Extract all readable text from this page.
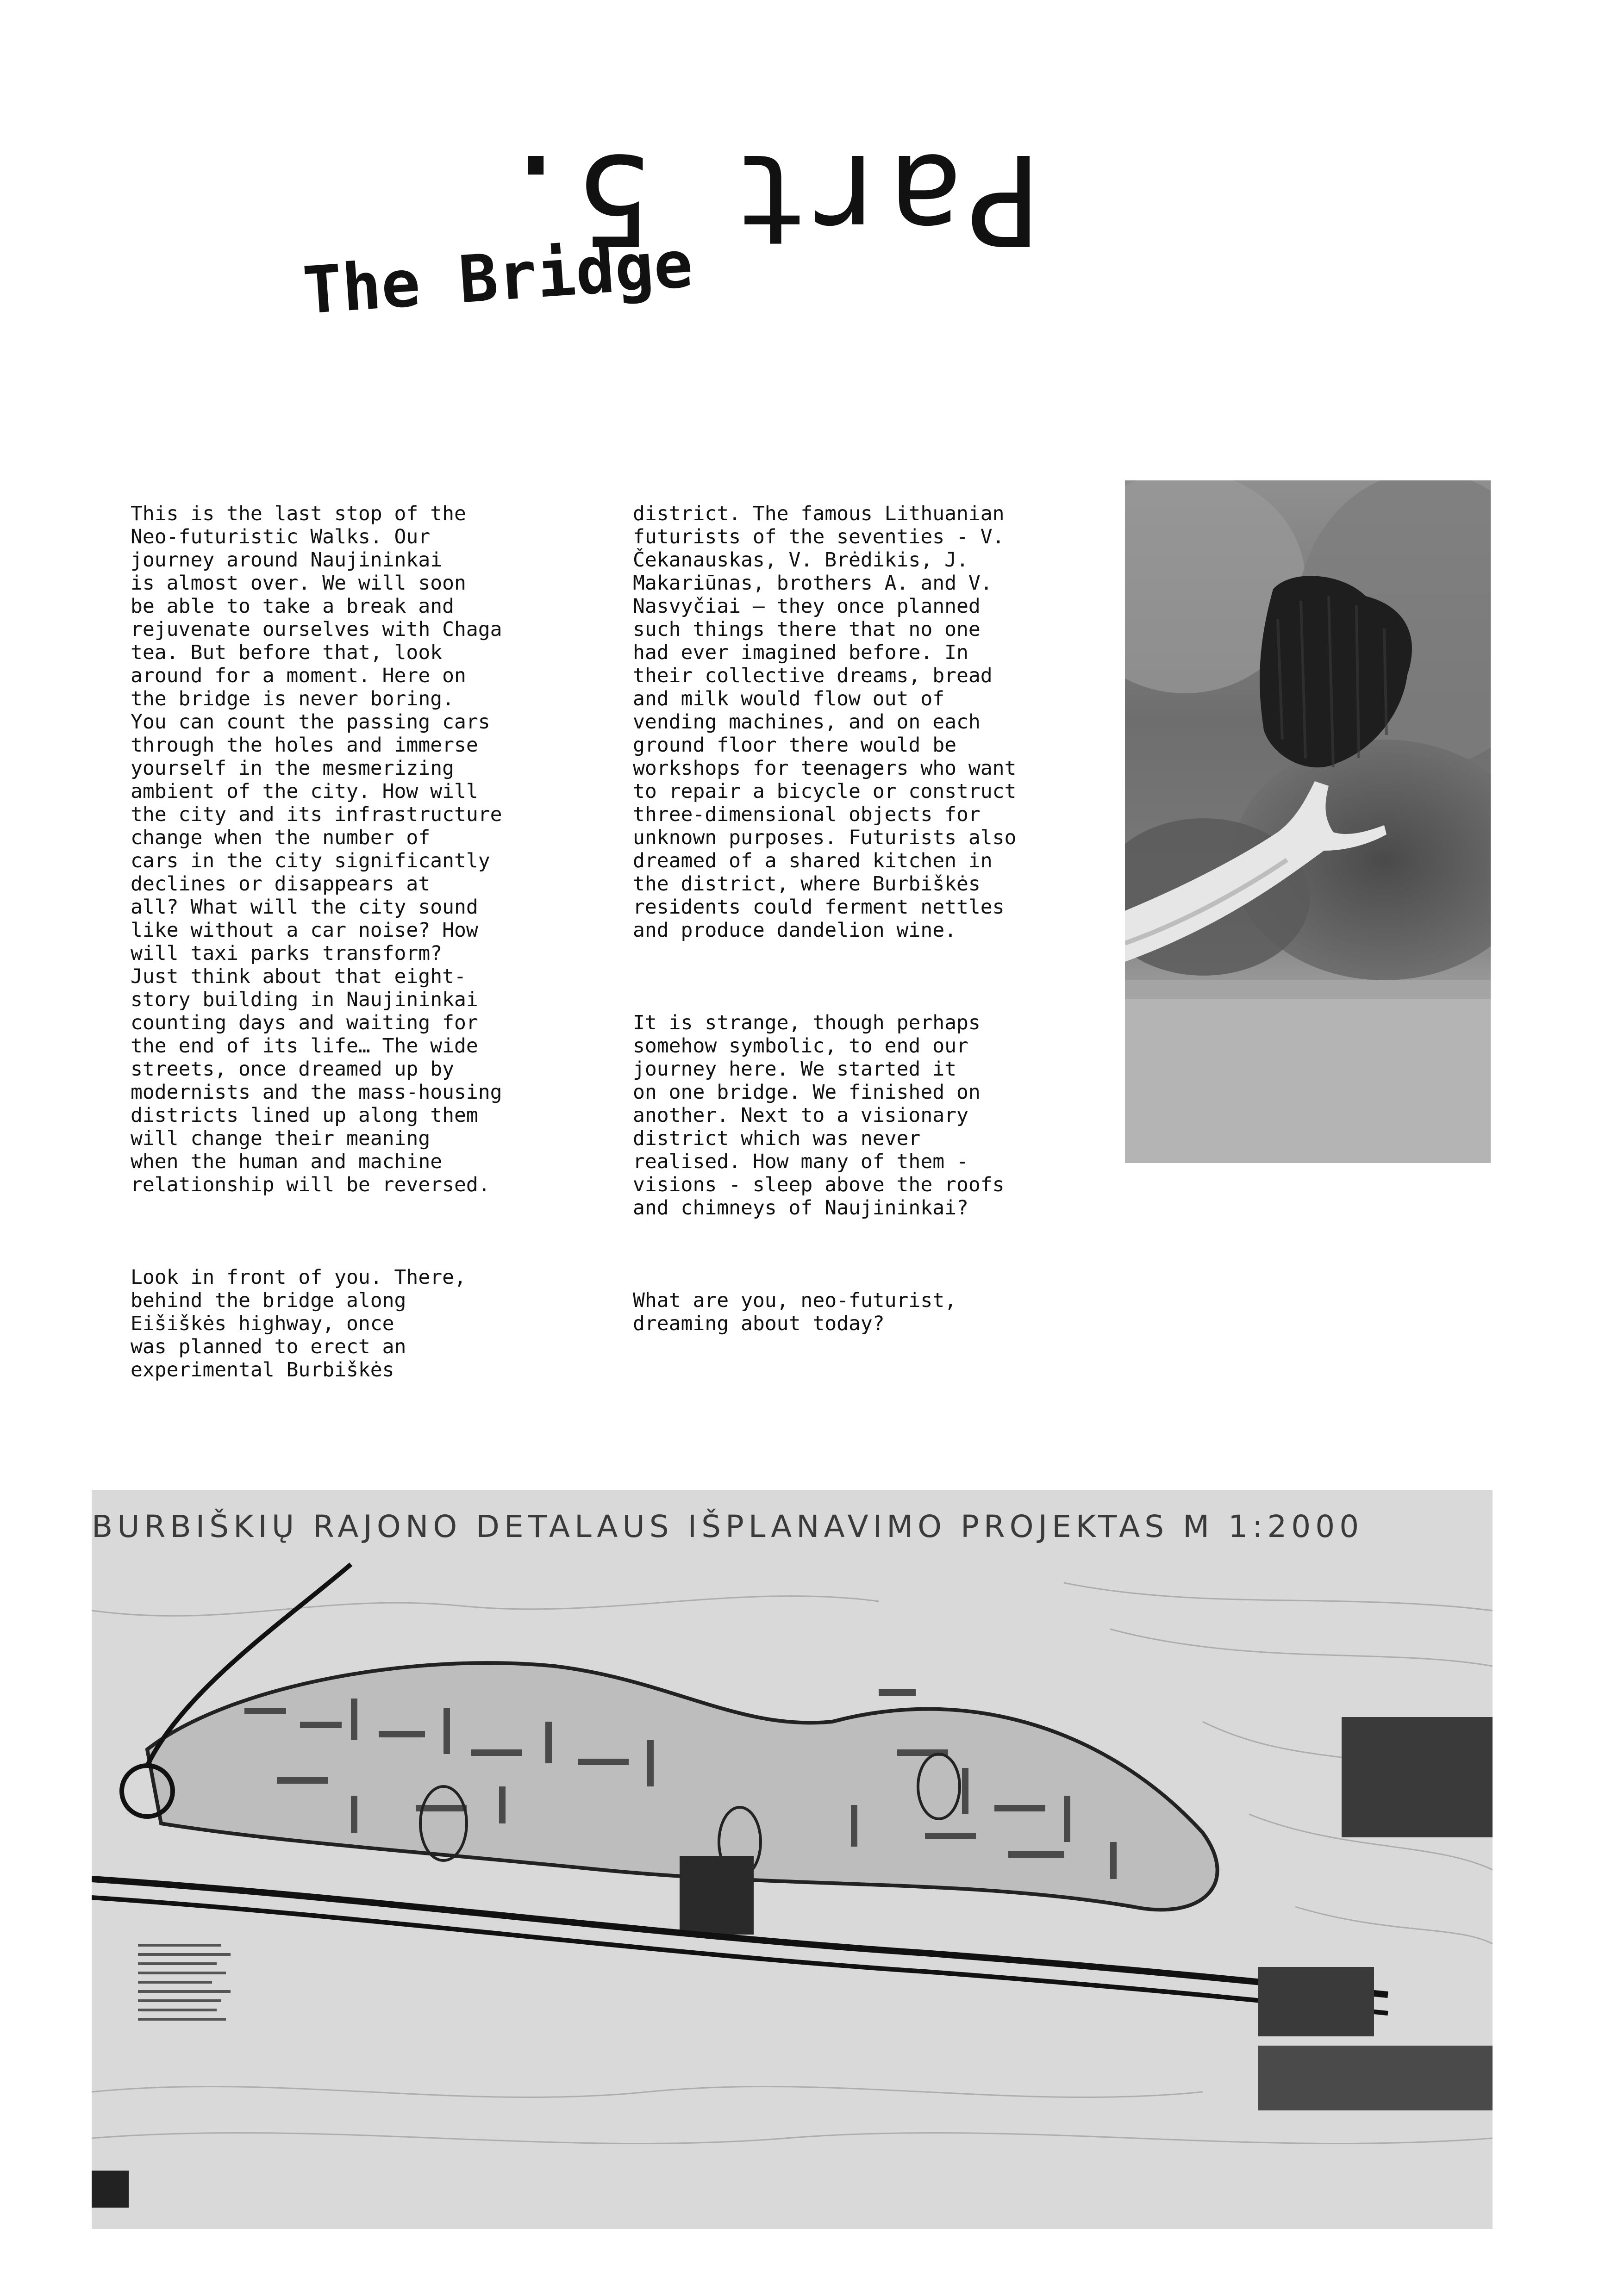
Part 5.
The Bridge

This is the last stop of the
Neo-futuristic Walks. Our
journey around Naujininkai
is almost over. We will soon
be able to take a break and
rejuvenate ourselves with Chaga
tea. But before that, look
around for a moment. Here on
the bridge is never boring.
You can count the passing cars
through the holes and immerse
yourself in the mesmerizing
ambient of the city. How will
the city and its infrastructure
change when the number of
cars in the city significantly
declines or disappears at
all? What will the city sound
like without a car noise? How
will taxi parks transform?
Just think about that eight-
story building in Naujininkai
counting days and waiting for
the end of its life… The wide
streets, once dreamed up by
modernists and the mass-housing
districts lined up along them
will change their meaning
when the human and machine
relationship will be reversed.

Look in front of you. There,
behind the bridge along
Eišiškės highway, once
was planned to erect an
experimental Burbiškės

district. The famous Lithuanian
futurists of the seventies - V.
Čekanauskas, V. Brėdikis, J.
Makariūnas, brothers A. and V.
Nasvyčiai — they once planned
such things there that no one
had ever imagined before. In
their collective dreams, bread
and milk would flow out of
vending machines, and on each
ground floor there would be
workshops for teenagers who want
to repair a bicycle or construct
three-dimensional objects for
unknown purposes. Futurists also
dreamed of a shared kitchen in
the district, where Burbiškės
residents could ferment nettles
and produce dandelion wine.

It is strange, though perhaps
somehow symbolic, to end our
journey here. We started it
on one bridge. We finished on
another. Next to a visionary
district which was never
realised. How many of them -
visions - sleep above the roofs
and chimneys of Naujininkai?

What are you, neo-futurist,
dreaming about today?

BURBIŠKIŲ RAJONO DETALAUS IŠPLANAVIMO PROJEKTAS M 1:2000
